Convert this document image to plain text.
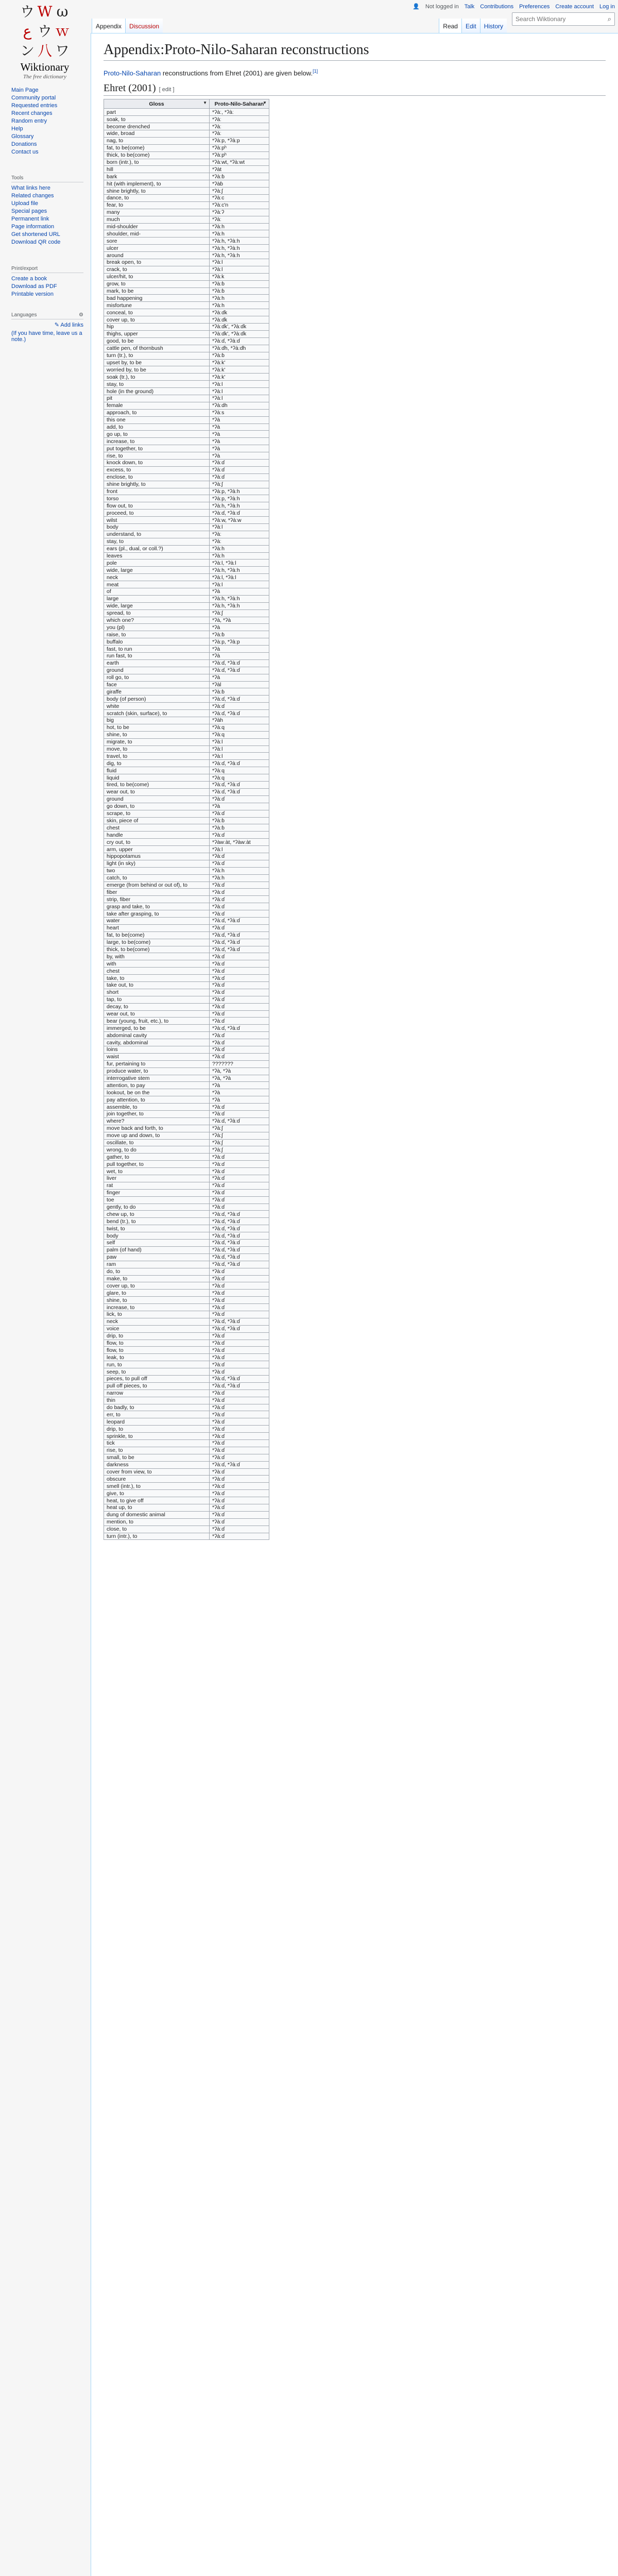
ウ W ω
ع ウ ｗ
ン 八 ワ
Wiktionary
The free dictionary
Main Page
Community portal
Requested entries
Recent changes
Random entry
Help
Glossary
Donations
Contact us
Tools
What links here
Related changes
Upload file
Special pages
Permanent link
Page information
Get shortened URL
Download QR code
Print/export
Create a book
Download as PDF
Printable version
Languages	⚙
✎ Add links
(If you have time, leave us a note.)
👤 Not logged in Talk Contributions Preferences Create account Log in
Appendix	Discussion	Read	Edit	History
Search Wiktionary
⌕
Appendix:Proto-Nilo-Saharan reconstructions

Proto-Nilo-Saharan reconstructions from Ehret (2001) are given below.[1]

Ehret (2001) [ edit ]
Gloss ▼	Proto-Nilo-Saharan
▼

part	*ʔàː, *ʔàː
soak, to	*ʔàː
become drenched	*ʔàː
wide, broad	*ʔàː
nag, to	*ʔàːp, *ʔàːp
fat, to be(come)	*ʔàːpʰ
thick, to be(come)	*ʔàːpʰ
born (intr.), to	*ʔàːwt, *ʔàːwt
hill	*ʔàt
bark	*ʔàːɓ
hit (with implement), to	*ʔàɓ
shine brightly, to	*ʔàːʃ
dance, to	*ʔàːc
fear, to	*ʔàːc'n
many	*ʔàːʔ
much	*ʔàː
mid-shoulder	*ʔàːh
shoulder, mid-	*ʔàːh
sore	*ʔàːh, *ʔàːh
ulcer	*ʔàːh, *ʔàːh
around	*ʔàːh, *ʔàːh
break open, to	*ʔàːl
crack, to	*ʔàːl
ulcer/hit, to	*ʔàːk
grow, to	*ʔàːɓ
mark, to be	*ʔàːɓ
bad happening	*ʔàːh
misfortune	*ʔàːh
conceal, to	*ʔàːɗk
cover up, to	*ʔàːɗk
hip	*ʔàːɗk', *ʔàːɗk
thighs, upper	*ʔàːɗk', *ʔàːɗk
good, to be	*ʔàːɗ, *ʔàːɗ
cattle pen, of thornbush	*ʔàːɗh, *ʔàːɗh
turn (tr.), to	*ʔàːɓ
upset by, to be	*ʔàːk'
worried by, to be	*ʔàːk'
soak (tr.), to	*ʔàːk'
stay, to	*ʔàːl
hole (in the ground)	*ʔàːl
pit	*ʔàːl
female	*ʔàːdh
approach, to	*ʔàːs
this one	*ʔà
add, to	*ʔà
go up, to	*ʔà
increase, to	*ʔà
put together, to	*ʔà
rise, to	*ʔà
knock down, to	*ʔàːɗ
excess, to	*ʔàːɗ
enclose, to	*ʔàːɗ
shine brightly, to	*ʔàːʃ
front	*ʔàːp, *ʔàːh
torso	*ʔàːp, *ʔàːh
flow out, to	*ʔàːh, *ʔàːh
proceed, to	*ʔàːɗ, *ʔàːɗ
wilst	*ʔàːw, *ʔàːw
body	*ʔàːl
understand, to	*ʔàː
stay, to	*ʔàː
ears (pl., dual, or coll.?)	*ʔàːh
leaves	*ʔàːh
pole	*ʔàːl, *ʔàːl
wide, large	*ʔàːh, *ʔàːh
neck	*ʔàːl, *ʔàːl
meat	*ʔàːl
of	*ʔà
large	*ʔàːh, *ʔàːh
wide, large	*ʔàːh, *ʔàːh
spread, to	*ʔàːʃ
which one?	*ʔà, *ʔà
you (pl)	*ʔà
raise, to	*ʔàːɓ
buffalo	*ʔàːp, *ʔàːp
fast, to run	*ʔà
run fast, to	*ʔà
earth	*ʔàːɗ, *ʔàːɗ
ground	*ʔàːɗ, *ʔàːɗ
roll go, to	*ʔà
face	*ʔàl
giraffe	*ʔàːɓ
body (of person)	*ʔàːɗ, *ʔàːɗ
white	*ʔàːɗ
scratch (skin, surface), to	*ʔàːɗ, *ʔàːɗ
big	*ʔàh
hot, to be	*ʔàːq
shine, to	*ʔàːq
migrate, to	*ʔàːl
move, to	*ʔàːl
travel, to	*ʔàːl
dig, to	*ʔàːɗ, *ʔàːɗ
fluid	*ʔàːq
liquid	*ʔàːq
tired, to be(come)	*ʔàːɗ, *ʔàːɗ
wear out, to	*ʔàːɗ, *ʔàːɗ
ground	*ʔàːɗ
go down, to	*ʔà
scrape, to	*ʔàːɗ
skin, piece of	*ʔàːɓ
chest	*ʔàːɓ
handle	*ʔàːɗ
cry out, to	*ʔàwːàt, *ʔàwːàt
arm, upper	*ʔàːl
hippopotamus	*ʔàːɗ
light (in sky)	*ʔàːɗ
two	*ʔàːh
catch, to	*ʔàːh
emerge (from behind or out of), to	*ʔàːɗ
fiber	*ʔàːɗ
strip, fiber	*ʔàːɗ
grasp and take, to	*ʔàːɗ
take after grasping, to	*ʔàːɗ
water	*ʔàːɗ, *ʔàːɗ
heart	*ʔàːɗ
fat, to be(come)	*ʔàːɗ, *ʔàːɗ
large, to be(come)	*ʔàːɗ, *ʔàːɗ
thick, to be(come)	*ʔàːɗ, *ʔàːɗ
by, with	*ʔàːɗ
with	*ʔàːɗ
chest	*ʔàːɗ
take, to	*ʔàːɗ
take out, to	*ʔàːɗ
short	*ʔàːɗ
tap, to	*ʔàːɗ
decay, to	*ʔàːɗ
wear out, to	*ʔàːɗ
bear (young, fruit, etc.), to	*ʔàːɗ
immerged, to be	*ʔàːɗ, *ʔàːɗ
abdominal cavity	*ʔàːɗ
cavity, abdominal	*ʔàːɗ
loins	*ʔàːɗ
waist	*ʔàːɗ
fur, pertaining to	???????
produce water, to	*ʔà, *ʔà
interrogative stem	*ʔà, *ʔà
attention, to pay	*ʔà
lookout, be on the	*ʔà
pay attention, to	*ʔà
assemble, to	*ʔàːɗ
join together, to	*ʔàːɗ
where?	*ʔàːɗ, *ʔàːɗ
move back and forth, to	*ʔàːʃ
move up and down, to	*ʔàːʃ
oscillate, to	*ʔàːʃ
wrong, to do	*ʔàːʃ
gather, to	*ʔàːɗ
pull together, to	*ʔàːɗ
wet, to	*ʔàːɗ
liver	*ʔàːɗ
rat	*ʔàːɗ
finger	*ʔàːɗ
toe	*ʔàːɗ
gently, to do	*ʔàːɗ
chew up, to	*ʔàːɗ, *ʔàːɗ
bend (tr.), to	*ʔàːɗ, *ʔàːɗ
twist, to	*ʔàːɗ, *ʔàːɗ
body	*ʔàːɗ, *ʔàːɗ
self	*ʔàːɗ, *ʔàːɗ
palm (of hand)	*ʔàːɗ, *ʔàːɗ
paw	*ʔàːɗ, *ʔàːɗ
ram	*ʔàːɗ, *ʔàːɗ
do, to	*ʔàːɗ
make, to	*ʔàːɗ
cover up, to	*ʔàːɗ
glare, to	*ʔàːɗ
shine, to	*ʔàːɗ
increase, to	*ʔàːɗ
lick, to	*ʔàːɗ
neck	*ʔàːɗ, *ʔàːɗ
voice	*ʔàːɗ, *ʔàːɗ
drip, to	*ʔàːɗ
flow, to	*ʔàːɗ
flow, to	*ʔàːɗ
leak, to	*ʔàːɗ
run, to	*ʔàːɗ
seep, to	*ʔàːɗ
pieces, to pull off	*ʔàːɗ, *ʔàːɗ
pull off pieces, to	*ʔàːɗ, *ʔàːɗ
narrow	*ʔàːɗ
thin	*ʔàːɗ
do badly, to	*ʔàːɗ
err, to	*ʔàːɗ
leopard	*ʔàːɗ
drip, to	*ʔàːɗ
sprinkle, to	*ʔàːɗ
tick	*ʔàːɗ
rise, to	*ʔàːɗ
small, to be	*ʔàːɗ
darkness	*ʔàːɗ, *ʔàːɗ
cover from view, to	*ʔàːɗ
obscure	*ʔàːɗ
smell (intr.), to	*ʔàːɗ
give, to	*ʔàːɗ
heat, to give off	*ʔàːɗ
heat up, to	*ʔàːɗ
dung of domestic animal	*ʔàːɗ
mention, to	*ʔàːɗ
close, to	*ʔàːɗ
turn (intr.), to	*ʔàːɗ
